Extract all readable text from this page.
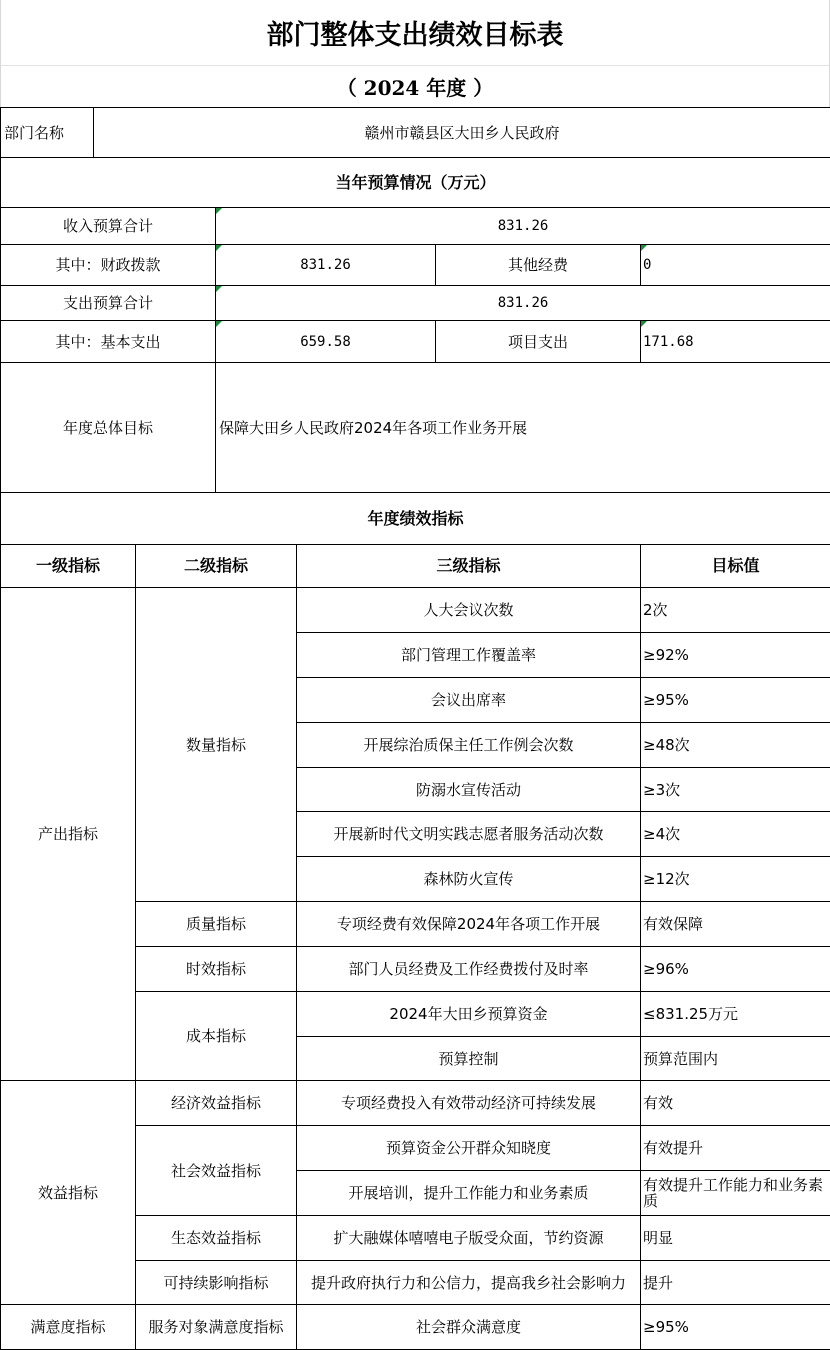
部门整体支出绩效目标表
（ 2024 年度 ）
部门名称	赣州市赣县区大田乡人民政府					
当年预算情况（万元）						
收入预算合计			831.26			
其中：财政拨款			831.26		其他经费	0
支出预算合计			831.26			
其中：基本支出			659.58		项目支出	171.68
年度总体目标			保障大田乡人民政府2024年各项工作业务开展			
年度绩效指标						
一级指标		二级指标		三级指标		目标值
产出指标		数量指标		人大会议次数		2次
				部门管理工作覆盖率		≥92%
				会议出席率		≥95%
				开展综治质保主任工作例会次数		≥48次
				防溺水宣传活动		≥3次
				开展新时代文明实践志愿者服务活动次数		≥4次
				森林防火宣传		≥12次
		质量指标		专项经费有效保障2024年各项工作开展		有效保障
		时效指标		部门人员经费及工作经费拨付及时率		≥96%
		成本指标		2024年大田乡预算资金		≤831.25万元
				预算控制		预算范围内
效益指标		经济效益指标		专项经费投入有效带动经济可持续发展		有效
		社会效益指标		预算资金公开群众知晓度		有效提升
				开展培训，提升工作能力和业务素质		有效提升工作能力和业务素质
		生态效益指标		扩大融媒体嘻嘻电子版受众面，节约资源		明显
		可持续影响指标		提升政府执行力和公信力，提高我乡社会影响力		提升
满意度指标		服务对象满意度指标		社会群众满意度		≥95%
